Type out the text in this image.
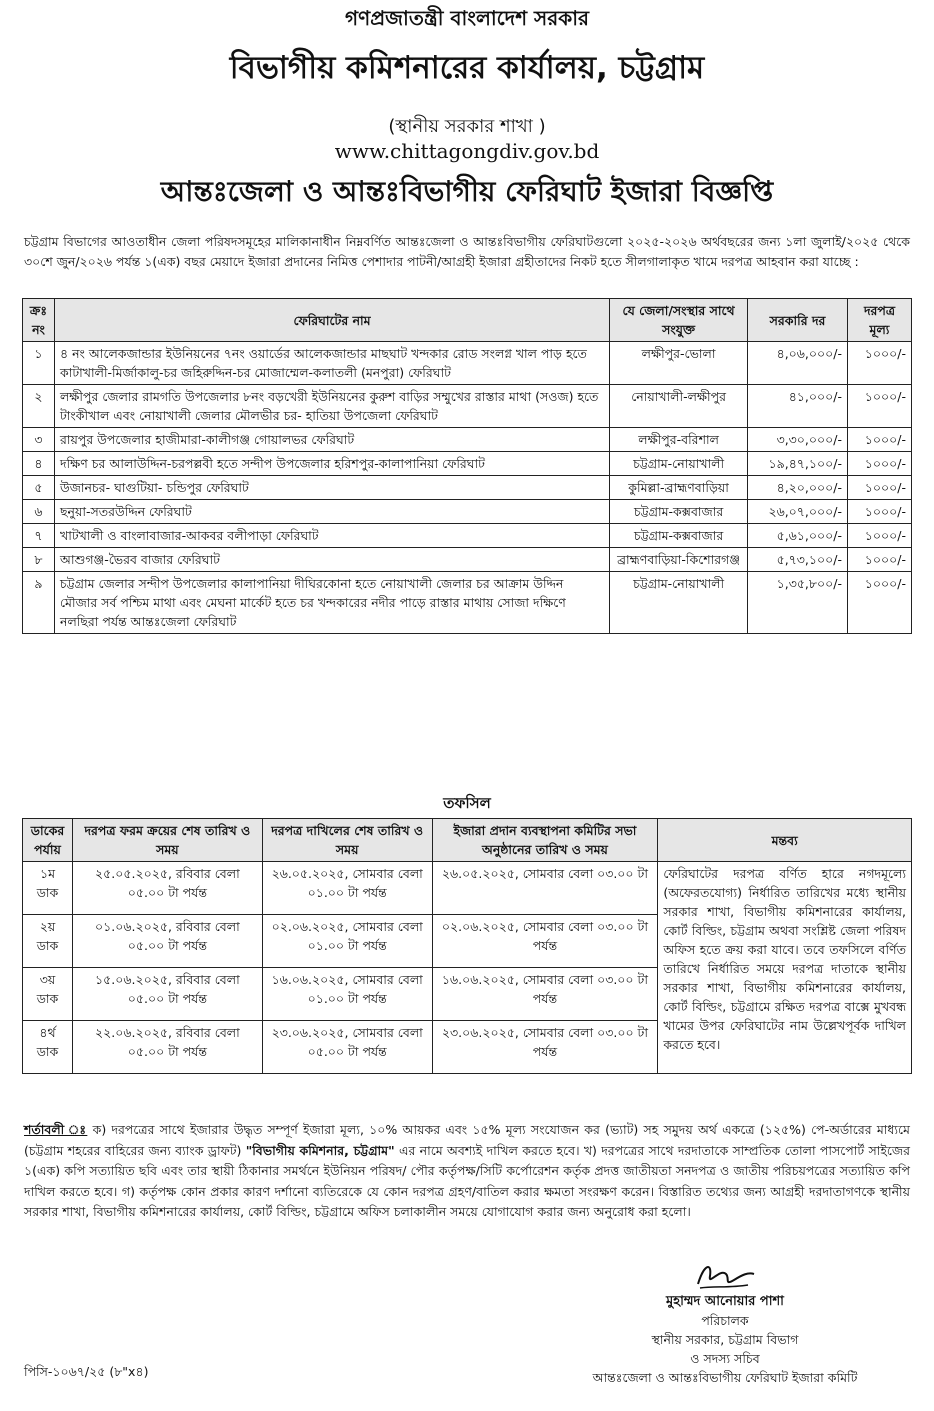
গণপ্রজাতন্ত্রী বাংলাদেশ সরকার
বিভাগীয় কমিশনারের কার্যালয়, চট্টগ্রাম
(স্থানীয় সরকার শাখা )
www.chittagongdiv.gov.bd
আন্তঃজেলা ও আন্তঃবিভাগীয় ফেরিঘাট ইজারা বিজ্ঞপ্তি
চট্টগ্রাম বিভাগের আওতাধীন জেলা পরিষদসমূহের মালিকানাধীন নিম্নবর্ণিত আন্তঃজেলা ও আন্তঃবিভাগীয় ফেরিঘাটগুলো ২০২৫-২০২৬ অর্থবছরের জন্য ১লা জুলাই/২০২৫ থেকে ৩০শে জুন/২০২৬ পর্যন্ত ১(এক) বছর মেয়াদে ইজারা প্রদানের নিমিত্ত পেশাদার পাটনী/আগ্রহী ইজারা গ্রহীতাদের নিকট হতে সীলগালাকৃত খামে দরপত্র আহবান করা যাচ্ছে :
ক্রঃ নং	ফেরিঘাটের নাম	যে জেলা/সংস্থার সাথে সংযুক্ত	সরকারি দর	দরপত্র মূল্য
১	৪ নং আলেকজান্ডার ইউনিয়নের ৭নং ওয়ার্ডের আলেকজান্ডার মাছঘাট খন্দকার রোড সংলগ্ন খাল পাড় হতে কাটাখালী-মির্জাকালু-চর জহিরুদ্দিন-চর মোজাম্মেল-কলাতলী (মনপুরা) ফেরিঘাট	লক্ষীপুর-ভোলা	৪,০৬,০০০/-	১০০০/-
২	লক্ষীপুর জেলার রামগতি উপজেলার ৮নং বড়খেরী ইউনিয়নের কুরুশ বাড়ির সম্মুখের রাস্তার মাথা (সওজ) হতে টাংকীখাল এবং নোয়াখালী জেলার মৌলভীর চর- হাতিয়া উপজেলা ফেরিঘাট	নোয়াখালী-লক্ষীপুর	৪১,০০০/-	১০০০/-
৩	রায়পুর উপজেলার হাজীমারা-কালীগঞ্জ গোয়ালভর ফেরিঘাট	লক্ষীপুর-বরিশাল	৩,৩০,০০০/-	১০০০/-
৪	দক্ষিণ চর আলাউদ্দিন-চরপল্লবী হতে সন্দীপ উপজেলার হরিশপুর-কালাপানিয়া ফেরিঘাট	চট্টগ্রাম-নোয়াখালী	১৯,৪৭,১০০/-	১০০০/-
৫	উজানচর- ঘাগুটিয়া- চন্ডিপুর ফেরিঘাট	কুমিল্লা-ব্রাহ্মণবাড়িয়া	৪,২০,০০০/-	১০০০/-
৬	ছনুয়া-সতরউদ্দিন ফেরিঘাট	চট্টগ্রাম-কক্সবাজার	২৬,০৭,০০০/-	১০০০/-
৭	খাটখালী ও বাংলাবাজার-আকবর বলীপাড়া ফেরিঘাট	চট্টগ্রাম-কক্সবাজার	৫,৬১,০০০/-	১০০০/-
৮	আশুগঞ্জ-ভৈরব বাজার ফেরিঘাট	ব্রাহ্মণবাড়িয়া-কিশোরগঞ্জ	৫,৭৩,১০০/-	১০০০/-
৯	চট্টগ্রাম জেলার সন্দীপ উপজেলার কালাপানিয়া দীঘিরকোনা হতে নোয়াখালী জেলার চর আক্রাম উদ্দিন মৌজার সর্ব পশ্চিম মাথা এবং মেঘনা মার্কেট হতে চর খন্দকারের নদীর পাড়ে রাস্তার মাথায় সোজা দক্ষিণে নলছিরা পর্যন্ত আন্তঃজেলা ফেরিঘাট	চট্টগ্রাম-নোয়াখালী	১,৩৫,৮০০/-	১০০০/-
তফসিল
ডাকের পর্যায়	দরপত্র ফরম ক্রয়ের শেষ তারিখ ও সময়	দরপত্র দাখিলের শেষ তারিখ ও সময়	ইজারা প্রদান ব্যবস্থাপনা কমিটির সভা অনুষ্ঠানের তারিখ ও সময়	মন্তব্য
১ম ডাক	২৫.০৫.২০২৫, রবিবার বেলা ০৫.০০ টা পর্যন্ত	২৬.০৫.২০২৫, সোমবার বেলা ০১.০০ টা পর্যন্ত	২৬.০৫.২০২৫, সোমবার বেলা ০৩.০০ টা	ফেরিঘাটের দরপত্র বর্ণিত হারে নগদমূল্যে (অফেরতযোগ্য) নির্ধারিত তারিখের মধ্যে স্থানীয় সরকার শাখা, বিভাগীয় কমিশনারের কার্যালয়, কোর্ট বিল্ডিং, চট্টগ্রাম অথবা সংশ্লিষ্ট জেলা পরিষদ অফিস হতে ক্রয় করা যাবে। তবে তফসিলে বর্ণিত তারিখে নির্ধারিত সময়ে দরপত্র দাতাকে স্থানীয় সরকার শাখা, বিভাগীয় কমিশনারের কার্যালয়, কোর্ট বিল্ডিং, চট্টগ্রামে রক্ষিত দরপত্র বাক্সে মুখবন্ধ খামের উপর ফেরিঘাটের নাম উল্লেখপূর্বক দাখিল করতে হবে।
২য় ডাক	০১.০৬.২০২৫, রবিবার বেলা ০৫.০০ টা পর্যন্ত	০২.০৬.২০২৫, সোমবার বেলা ০১.০০ টা পর্যন্ত	০২.০৬.২০২৫, সোমবার বেলা ০৩.০০ টা পর্যন্ত	
৩য় ডাক	১৫.০৬.২০২৫, রবিবার বেলা ০৫.০০ টা পর্যন্ত	১৬.০৬.২০২৫, সোমবার বেলা ০১.০০ টা পর্যন্ত	১৬.০৬.২০২৫, সোমবার বেলা ০৩.০০ টা পর্যন্ত	
৪র্থ ডাক	২২.০৬.২০২৫, রবিবার বেলা ০৫.০০ টা পর্যন্ত	২৩.০৬.২০২৫, সোমবার বেলা ০৫.০০ টা পর্যন্ত	২৩.০৬.২০২৫, সোমবার বেলা ০৩.০০ টা পর্যন্ত	
শর্তাবলী ঃ ক) দরপত্রের সাথে ইজারার উদ্ধৃত সম্পূর্ণ ইজারা মূল্য, ১০% আয়কর এবং ১৫% মূল্য সংযোজন কর (ভ্যাট) সহ সমুদয় অর্থ একত্রে (১২৫%) পে-অর্ডারের মাধ্যমে (চট্টগ্রাম শহরের বাহিরের জন্য ব্যাংক ড্রাফট) "বিভাগীয় কমিশনার, চট্টগ্রাম" এর নামে অবশ্যই দাখিল করতে হবে। খ) দরপত্রের সাথে দরদাতাকে সাম্প্রতিক তোলা পাসপোর্ট সাইজের ১(এক) কপি সত্যায়িত ছবি এবং তার স্থায়ী ঠিকানার সমর্থনে ইউনিয়ন পরিষদ/ পৌর কর্তৃপক্ষ/সিটি কর্পোরেশন কর্তৃক প্রদত্ত জাতীয়তা সনদপত্র ও জাতীয় পরিচয়পত্রের সত্যায়িত কপি দাখিল করতে হবে। গ) কর্তৃপক্ষ কোন প্রকার কারণ দর্শানো ব্যতিরেকে যে কোন দরপত্র গ্রহণ/বাতিল করার ক্ষমতা সংরক্ষণ করেন। বিস্তারিত তথ্যের জন্য আগ্রহী দরদাতাগণকে স্থানীয় সরকার শাখা, বিভাগীয় কমিশনারের কার্যালয়, কোর্ট বিল্ডিং, চট্টগ্রামে অফিস চলাকালীন সময়ে যোগাযোগ করার জন্য অনুরোধ করা হলো।
মুহাম্মদ আনোয়ার পাশা
পরিচালক
স্থানীয় সরকার, চট্টগ্রাম বিভাগ
ও সদস্য সচিব
আন্তঃজেলা ও আন্তঃবিভাগীয় ফেরিঘাট ইজারা কমিটি
পিসি-১০৬৭/২৫ (৮"x৪)
